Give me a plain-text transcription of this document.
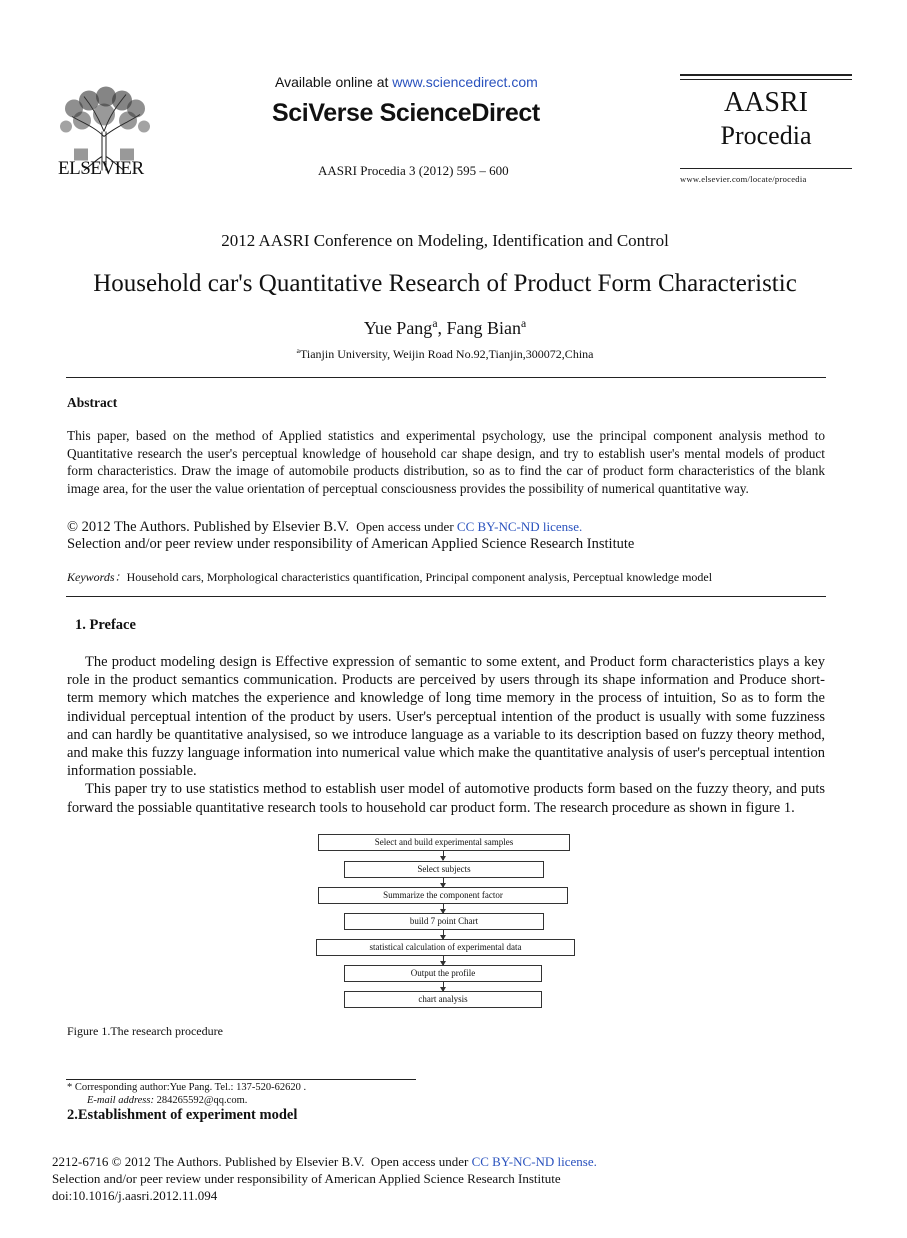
ELSEVIER
Available online at www.sciencedirect.com
SciVerse ScienceDirect
AASRI Procedia 3 (2012) 595 – 600
AASRI
Procedia
www.elsevier.com/locate/procedia
2012 AASRI Conference on Modeling, Identification and Control
Household car's Quantitative Research of Product Form Characteristic
Yue Pang$^a$, Fang Bian$^a$
$^a$Tianjin University, Weijin Road No.92,Tianjin,300072,China
Abstract
This paper, based on the method of Applied statistics and experimental psychology, use the principal component analysis method to Quantitative research the user's perceptual knowledge of household car shape design, and try to establish user's mental models of product form characteristics. Draw the image of automobile products distribution, so as to find the car of product form characteristics of the blank image area, for the user the value orientation of perceptual consciousness provides the possibility of numerical quantitative way.
© 2012 The Authors. Published by Elsevier B.V. Open access under CC BY-NC-ND license.
Selection and/or peer review under responsibility of American Applied Science Research Institute
Keywords：Household cars, Morphological characteristics quantification, Principal component analysis, Perceptual knowledge model
1. Preface

The product modeling design is Effective expression of semantic to some extent, and Product form characteristics plays a key role in the product semantics communication. Products are perceived by users through its shape information and Produce short-term memory which matches the experience and knowledge of long time memory in the process of intuition, So as to form the individual perceptual intention of the product by users. User's perceptual intention of the product is usually with some fuzziness and can hardly be quantitative analysised, so we introduce language as a variable to its description based on fuzzy theory method, and make this fuzzy language information into numerical value which make the quantitative analysis of user's perceptual intention information possiable.

This paper try to use statistics method to establish user model of automotive products form based on the fuzzy theory, and puts forward the possiable quantitative research tools to household car product form. The research procedure as shown in figure 1.

Select and build experimental samples
Select subjects
Summarize the component factor
build 7 point Chart
statistical calculation of experimental data
Output the profile
chart analysis
Figure 1.The research procedure
* Corresponding author:Yue Pang. Tel.: 137-520-62620 .
E-mail address: 284265592@qq.com.
2.Establishment of experiment model
2212-6716 © 2012 The Authors. Published by Elsevier B.V. Open access under CC BY-NC-ND license.
Selection and/or peer review under responsibility of American Applied Science Research Institute
doi:10.1016/j.aasri.2012.11.094
